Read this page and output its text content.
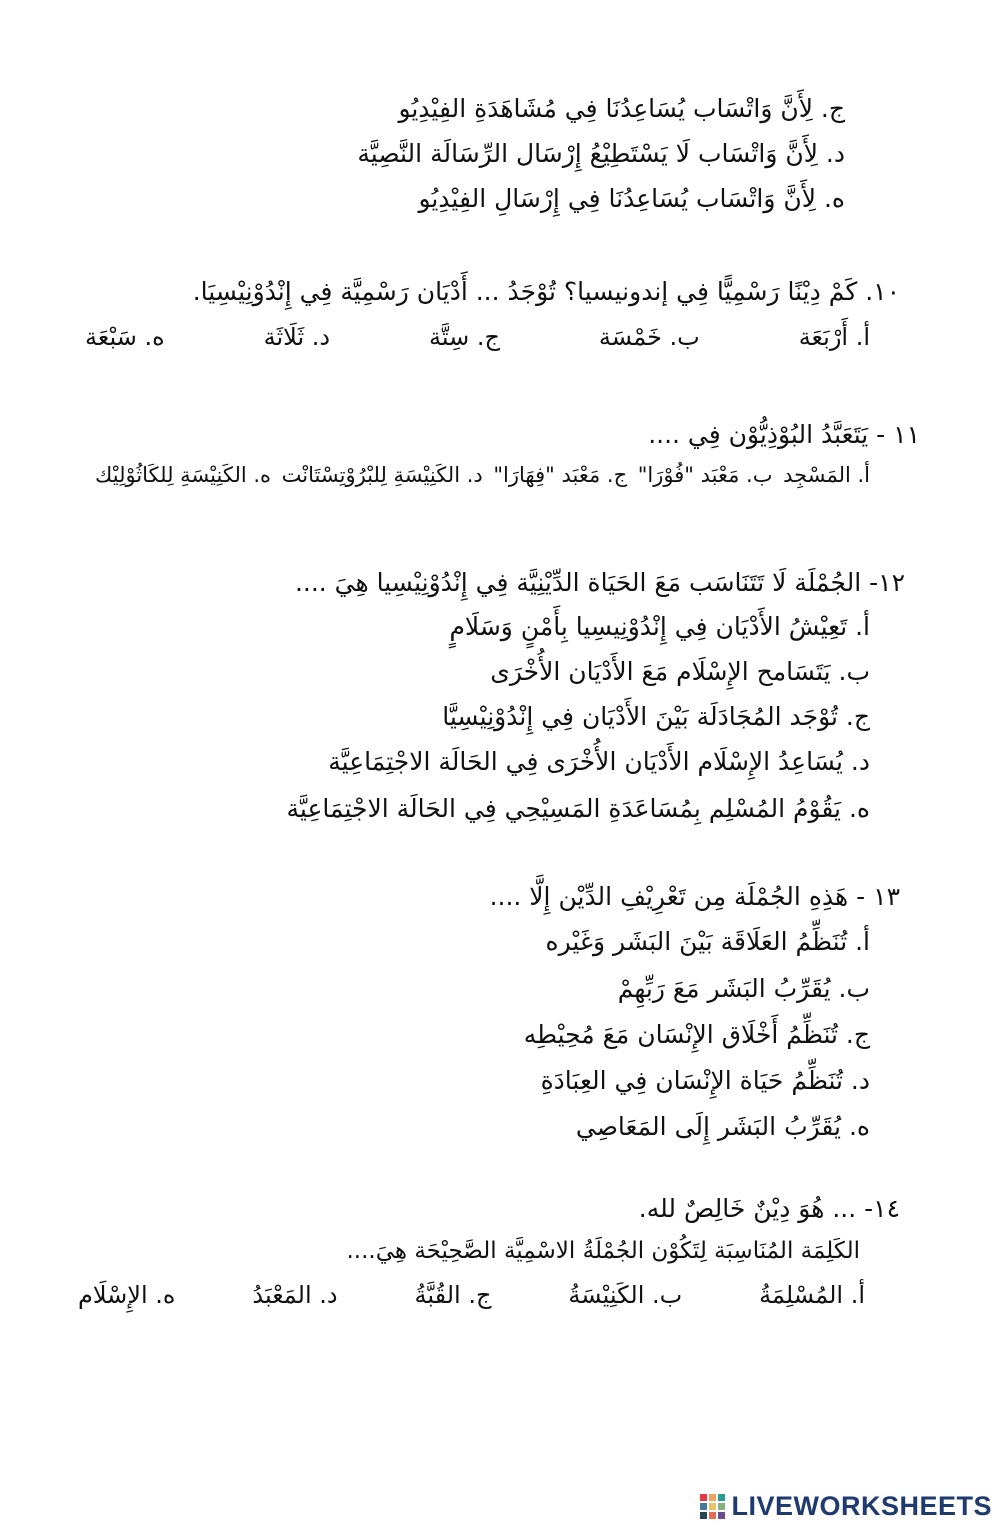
ج. لِأَنَّ وَاتْسَاب يُسَاعِدُنَا فِي مُشَاهَدَةِ الفِيْدِيُو
د. لِأَنَّ وَاتْسَاب لَا يَسْتَطِيْعُ إِرْسَال الرِّسَالَة النَّصِيَّة
ه. لِأَنَّ وَاتْسَاب يُسَاعِدُنَا فِي إِرْسَالِ الفِيْدِيُو
١٠. كَمْ دِيْنًا رَسْمِيًّا فِي إندونيسيا؟ تُوْجَدُ ... أَدْيَان رَسْمِيَّة فِي إِنْدُوْنِيْسِيَا.
أ. أَرْبَعَة
ب. خَمْسَة
ج. سِتَّة
د. ثَلَاثَة
ه. سَبْعَة
١١ - يَتَعَبَّدُ البُوْذِيُّوْن فِي ....
أ. المَسْجِد
ب. مَعْبَد "فُوْرَا"
ج. مَعْبَد "فِهَارَا"
د. الكَنِيْسَةِ لِلبْرُوْتِسْتَانْت
ه. الكَنِيْسَةِ لِلكَاثُوْلِيْك
١٢- الجُمْلَة لَا تَتَنَاسَب مَعَ الحَيَاة الدِّيْنِيَّة فِي إِنْدُوْنِيْسِيا هِيَ ....
أ. تَعِيْشُ الأَدْيَان فِي إِنْدُوْنِيسِيا بِأَمْنٍ وَسَلَامٍ
ب. يَتَسَامح الإِسْلَام مَعَ الأَدْيَان الأُخْرَى
ج. تُوْجَد المُجَادَلَة بَيْنَ الأَدْيَان فِي إِنْدُوْنِيْسِيَّا
د. يُسَاعِدُ الإِسْلَام الأَدْيَان الأُخْرَى فِي الحَالَة الاجْتِمَاعِيَّة
ه. يَقُوْمُ المُسْلِم بِمُسَاعَدَةِ المَسِيْحِي فِي الحَالَة الاجْتِمَاعِيَّة
١٣ - هَذِهِ الجُمْلَة مِن تَعْرِيْفِ الدِّيْن إِلَّا ....
أ. تُنَظِّمُ العَلَاقَة بَيْنَ البَشَر وَغَيْره
ب. يُقَرِّبُ البَشَر مَعَ رَبِّهِمْ
ج. تُنَظِّمُ أَخْلَاق الإِنْسَان مَعَ مُحِيْطِه
د. تُنَظِّمُ حَيَاة الإِنْسَان فِي العِبَادَةِ
ه. يُقَرِّبُ البَشَر إِلَى المَعَاصِي
١٤- ... هُوَ دِيْنٌ خَالِصٌ لله.
الكَلِمَة المُنَاسِبَة لِتَكُوْن الجُمْلَةُ الاسْمِيَّة الصَّحِيْحَة هِيَ....
أ. المُسْلِمَةُ
ب. الكَنِيْسَةُ
ج. القُبَّةُ
د. المَعْبَدُ
ه. الإِسْلَام
LIVEWORKSHEETS
